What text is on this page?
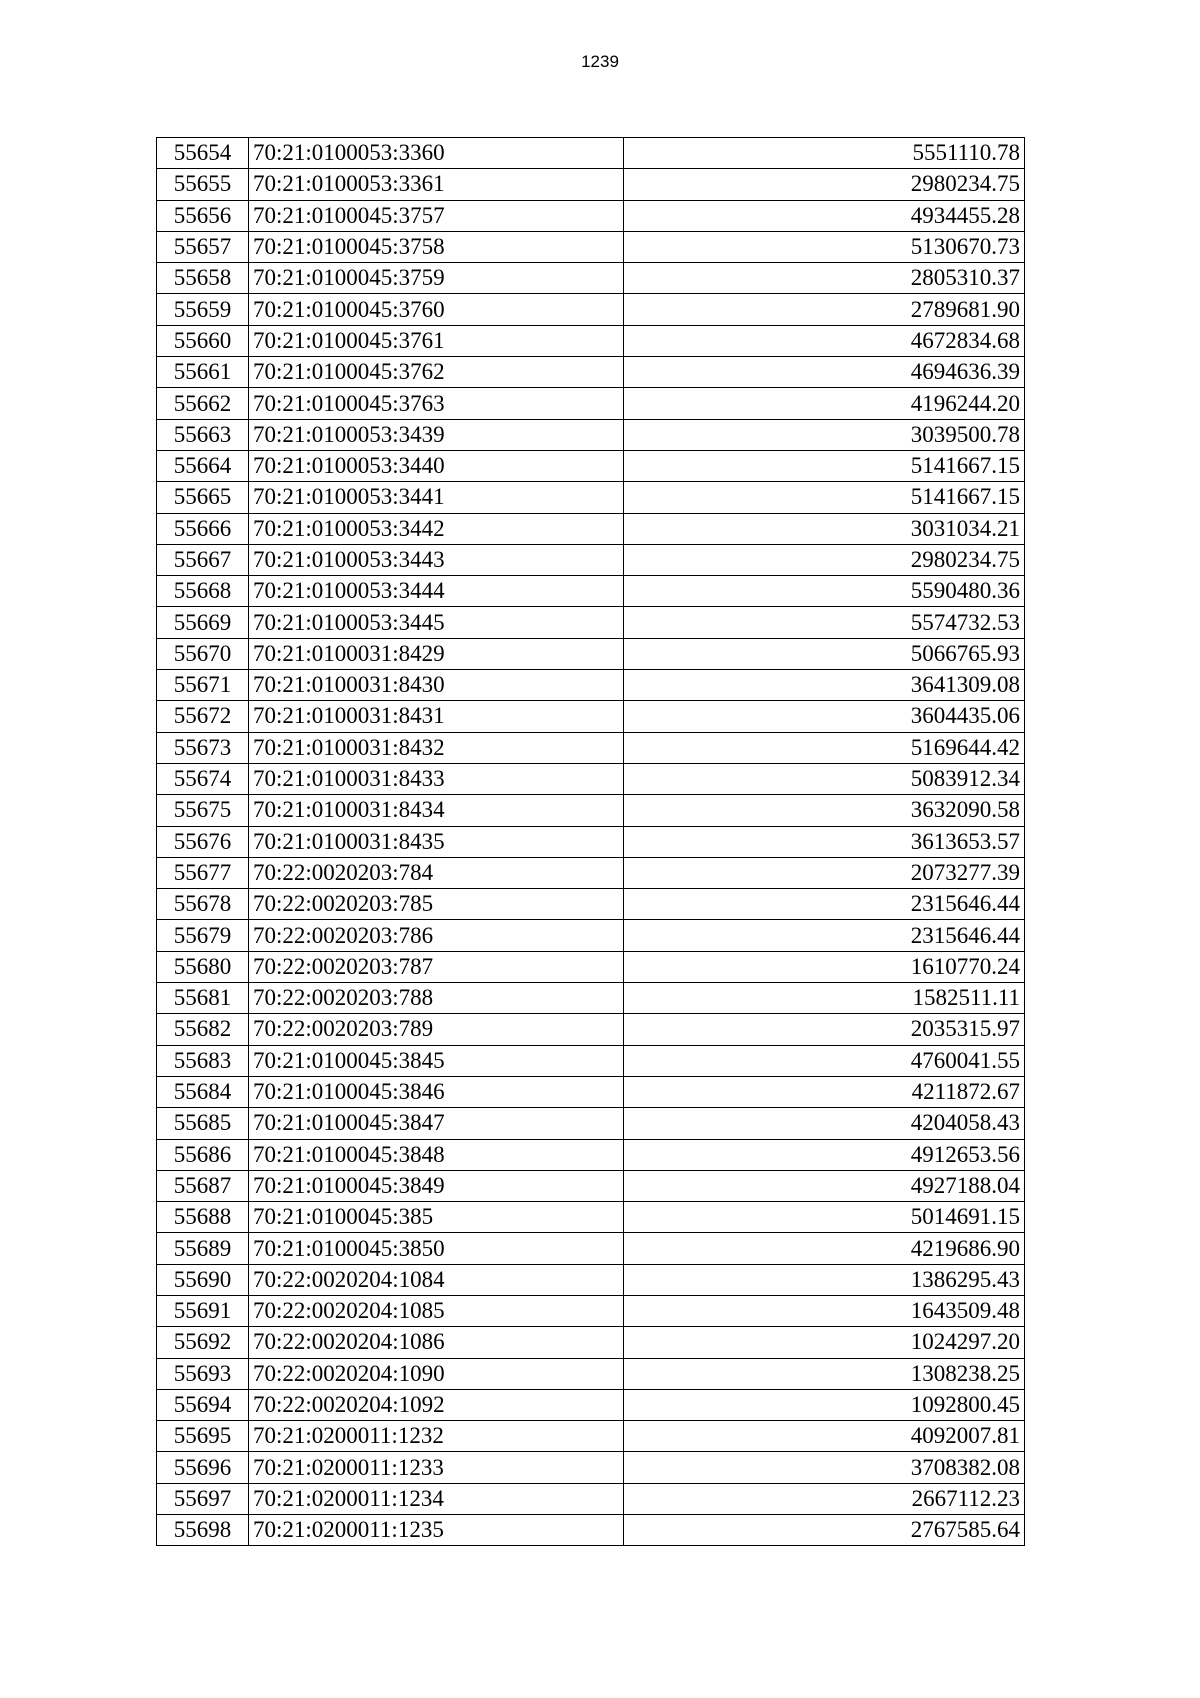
1239
55654	70:21:0100053:3360	5551110.78
55655	70:21:0100053:3361	2980234.75
55656	70:21:0100045:3757	4934455.28
55657	70:21:0100045:3758	5130670.73
55658	70:21:0100045:3759	2805310.37
55659	70:21:0100045:3760	2789681.90
55660	70:21:0100045:3761	4672834.68
55661	70:21:0100045:3762	4694636.39
55662	70:21:0100045:3763	4196244.20
55663	70:21:0100053:3439	3039500.78
55664	70:21:0100053:3440	5141667.15
55665	70:21:0100053:3441	5141667.15
55666	70:21:0100053:3442	3031034.21
55667	70:21:0100053:3443	2980234.75
55668	70:21:0100053:3444	5590480.36
55669	70:21:0100053:3445	5574732.53
55670	70:21:0100031:8429	5066765.93
55671	70:21:0100031:8430	3641309.08
55672	70:21:0100031:8431	3604435.06
55673	70:21:0100031:8432	5169644.42
55674	70:21:0100031:8433	5083912.34
55675	70:21:0100031:8434	3632090.58
55676	70:21:0100031:8435	3613653.57
55677	70:22:0020203:784	2073277.39
55678	70:22:0020203:785	2315646.44
55679	70:22:0020203:786	2315646.44
55680	70:22:0020203:787	1610770.24
55681	70:22:0020203:788	1582511.11
55682	70:22:0020203:789	2035315.97
55683	70:21:0100045:3845	4760041.55
55684	70:21:0100045:3846	4211872.67
55685	70:21:0100045:3847	4204058.43
55686	70:21:0100045:3848	4912653.56
55687	70:21:0100045:3849	4927188.04
55688	70:21:0100045:385	5014691.15
55689	70:21:0100045:3850	4219686.90
55690	70:22:0020204:1084	1386295.43
55691	70:22:0020204:1085	1643509.48
55692	70:22:0020204:1086	1024297.20
55693	70:22:0020204:1090	1308238.25
55694	70:22:0020204:1092	1092800.45
55695	70:21:0200011:1232	4092007.81
55696	70:21:0200011:1233	3708382.08
55697	70:21:0200011:1234	2667112.23
55698	70:21:0200011:1235	2767585.64
